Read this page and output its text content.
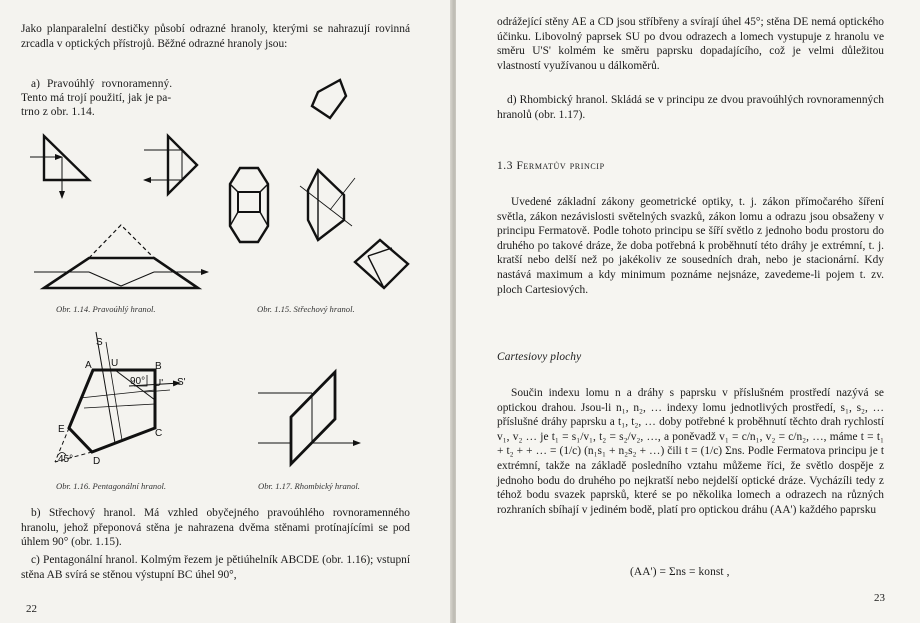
Jako planparalelní destičky působí odrazné hranoly, kterými se nahrazují rovinná zrcadla v optických přístrojů. Běžné odrazné hranoly jsou:

a) Pravoúhlý rovnoramenný.

Tento má trojí použití, jak je pa-

trno z obr. 1.14.

S
A U	B
90° U' S'
E	C
D
45°
Obr. 1.14. Pravoúhlý hranol.	Obr. 1.15. Střechový hranol.
Obr. 1.16. Pentagonální hranol.	Obr. 1.17. Rhombický hranol.

b) Střechový hranol. Má vzhled obyčejného pravoúhlého rovnoramenného hranolu, jehož přeponová stěna je nahrazena dvěma stěnami protínajícími se pod úhlem 90° (obr. 1.15).

c) Pentagonální hranol. Kolmým řezem je pětiúhelník ABCDE (obr. 1.16); vstupní stěna AB svírá se stěnou výstupní BC úhel 90°,

22

odrážející stěny AE a CD jsou stříbřeny a svírají úhel 45°; stěna DE nemá optického účinku. Libovolný paprsek SU po dvou odrazech a lomech vystupuje z hranolu ve směru U'S' kolmém ke směru paprsku dopadajícího, což je velmi důležitou vlastností využívanou u dálkoměrů.

d) Rhombický hranol. Skládá se v principu ze dvou pravoúhlých rovnoramenných hranolů (obr. 1.17).

1.3 Fermatův princip

Uvedené základní zákony geometrické optiky, t. j. zákon přímočarého šíření světla, zákon nezávislosti světelných svazků, zákon lomu a odrazu jsou obsaženy v principu Fermatově. Podle tohoto principu se šíří světlo z jednoho bodu prostoru do druhého po takové dráze, že doba potřebná k proběhnutí této dráhy je extrémní, t. j. kratší nebo delší než po jakékoliv ze sousedních drah, nebo je stacionární. Kdy nastává maximum a kdy minimum poznáme nejsnáze, zavedeme-li pojem t. zv. ploch Cartesiových.

Cartesiovy plochy

Součin indexu lomu n a dráhy s paprsku v příslušném prostředí nazývá se optickou drahou. Jsou-li n₁, n₂, … indexy lomu jednotlivých prostředí, s₁, s₂, … příslušné dráhy paprsku a t₁, t₂, … doby potřebné k proběhnutí těchto drah rychlostí v₁, v₂ … je t₁ = s₁/v₁, t₂ = s₂/v₂, …, a poněvadž v₁ = c/n₁, v₂ = c/n₂, …, máme t = t₁ + t₂ + + … = (1/c) (n₁s₁ + n₂s₂ + …) čili t = (1/c) Σns. Podle Fermatova principu je t extrémní, takže na základě posledního vztahu můžeme říci, že světlo dospěje z jednoho bodu do druhého po nejkratší nebo nejdelší optické dráze. Vycházíli tedy z téhož bodu svazek paprsků, které se po několika lomech a odrazech na různých rozhraních sbíhají v jediném bodě, platí pro optickou dráhu (AA') každého paprsku

(AA') = Σns = konst ,

23
